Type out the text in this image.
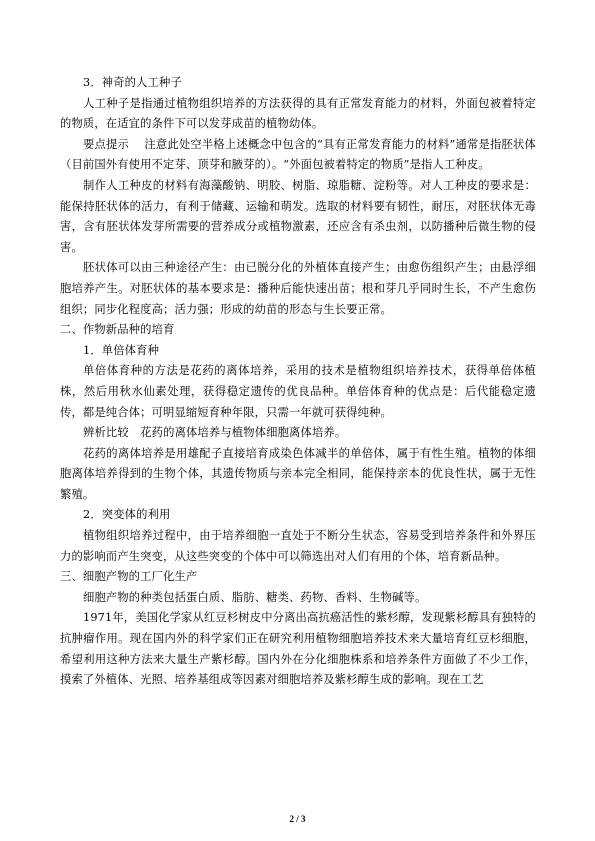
3．神奇的人工种子

人工种子是指通过植物组织培养的方法获得的具有正常发育能力的材料，外面包被着特定的物质，在适宜的条件下可以发芽成苗的植物幼体。

要点提示　 注意此处空半格上述概念中包含的“具有正常发育能力的材料”通常是指胚状体（目前国外有使用不定芽、顶芽和腋芽的）。“外面包被着特定的物质”是指人工种皮。

制作人工种皮的材料有海藻酸钠、明胶、树脂、琼脂糖、淀粉等。对人工种皮的要求是：能保持胚状体的活力，有利于储藏、运输和萌发。选取的材料要有韧性，耐压，对胚状体无毒害，含有胚状体发芽所需要的营养成分或植物激素，还应含有杀虫剂，以防播种后微生物的侵害。

胚状体可以由三种途径产生：由已脱分化的外植体直接产生；由愈伤组织产生；由悬浮细胞培养产生。对胚状体的基本要求是：播种后能快速出苗；根和芽几乎同时生长，不产生愈伤组织；同步化程度高；活力强；形成的幼苗的形态与生长要正常。

二、作物新品种的培育

1．单倍体育种

单倍体育种的方法是花药的离体培养，采用的技术是植物组织培养技术，获得单倍体植株，然后用秋水仙素处理，获得稳定遗传的优良品种。单倍体育种的优点是：后代能稳定遗传，都是纯合体；可明显缩短育种年限，只需一年就可获得纯种。

辨析比较　花药的离体培养与植物体细胞离体培养。

花药的离体培养是用雄配子直接培育成染色体减半的单倍体，属于有性生殖。植物的体细胞离体培养得到的生物个体，其遗传物质与亲本完全相同，能保持亲本的优良性状，属于无性繁殖。

2．突变体的利用

植物组织培养过程中，由于培养细胞一直处于不断分生状态，容易受到培养条件和外界压力的影响而产生突变，从这些突变的个体中可以筛选出对人们有用的个体，培育新品种。

三、细胞产物的工厂化生产

细胞产物的种类包括蛋白质、脂肪、糖类、药物、香料、生物碱等。

1971年，美国化学家从红豆杉树皮中分离出高抗癌活性的紫杉醇，发现紫杉醇具有独特的抗肿瘤作用。现在国内外的科学家们正在研究利用植物细胞培养技术来大量培育红豆杉细胞，希望利用这种方法来大量生产紫杉醇。国内外在分化细胞株系和培养条件方面做了不少工作，摸索了外植体、光照、培养基组成等因素对细胞培养及紫杉醇生成的影响。现在工艺

2 / 3
